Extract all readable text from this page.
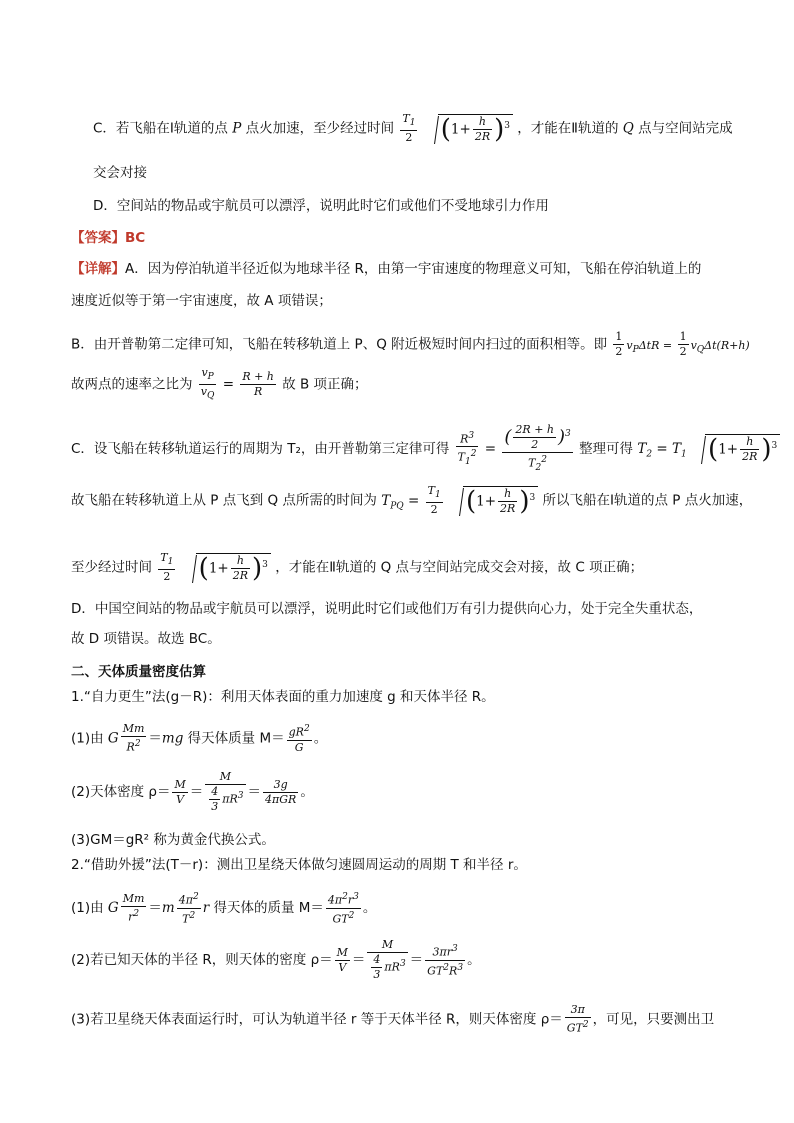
C．若飞船在Ⅰ轨道的点 P 点火加速，至少经过时间 $\frac{T_1}{2} (1+ \frac{h}{2R} )^3$ ，才能在Ⅱ轨道的 Q 点与空间站完成
交会对接
D．空间站的物品或宇航员可以漂浮，说明此时它们或他们不受地球引力作用
【答案】BC
【详解】A．因为停泊轨道半径近似为地球半径 R，由第一宇宙速度的物理意义可知，飞船在停泊轨道上的
速度近似等于第一宇宙速度，故 A 项错误；
B．由开普勒第二定律可知，飞船在转移轨道上 P、Q 附近极短时间内扫过的面积相等。即 $\frac{1}{2} v_P\Delta tR = \frac{1}{2} v_Q\Delta t(R+h)$
故两点的速率之比为 $\frac{v_P}{v_Q} = \frac{R + h}{R}$ 故 B 项正确；
C．设飞船在转移轨道运行的周期为 T₂，由开普勒第三定律可得 $\frac{R^3}{T_1^2} = \frac{( \frac{2R + h}{2} )^3}{T_2^2}$ 整理可得 $T_2 = T_1$ $(1+ \frac{h}{2R} )^3$
故飞船在转移轨道上从 P 点飞到 Q 点所需的时间为 $T_{PQ} = \frac{T_1}{2} (1+ \frac{h}{2R} )^3$ 所以飞船在Ⅰ轨道的点 P 点火加速，
至少经过时间 $\frac{T_1}{2} (1+ \frac{h}{2R} )^3$ ，才能在Ⅱ轨道的 Q 点与空间站完成交会对接，故 C 项正确；
D．中国空间站的物品或宇航员可以漂浮，说明此时它们或他们万有引力提供向心力，处于完全失重状态，
故 D 项错误。故选 BC。
二、天体质量密度估算
1.“自力更生”法(g－R)：利用天体表面的重力加速度 g 和天体半径 R。
(1)由 G $\frac{Mm}{R^2} =mg$ 得天体质量 $M= \frac{gR^2}{G}$ 。
(2)天体密度 $\rho= \frac{M}{V} = \frac{M}{\frac{4}{3} \pi R^3} = \frac{3g}{\text{4πGR}}$ 。
(3)GM＝gR² 称为黄金代换公式。
2.“借助外援”法(T－r)：测出卫星绕天体做匀速圆周运动的周期 T 和半径 r。
(1)由 G $\frac{Mm}{r^2} =m \frac{4\pi^2}{T^2}$ r 得天体的质量 $M= \frac{4\pi^2r^3}{GT^2}$ 。
(2)若已知天体的半径 R，则天体的密度 $\rho= \frac{M}{V} = \frac{M}{\frac{4}{3} \pi R^3} = \frac{3\pi r^3}{GT^2R^3}$ 。
(3)若卫星绕天体表面运行时，可认为轨道半径 r 等于天体半径 R，则天体密度 $\rho= \frac{3\pi}{GT^2}$ ，可见，只要测出卫
